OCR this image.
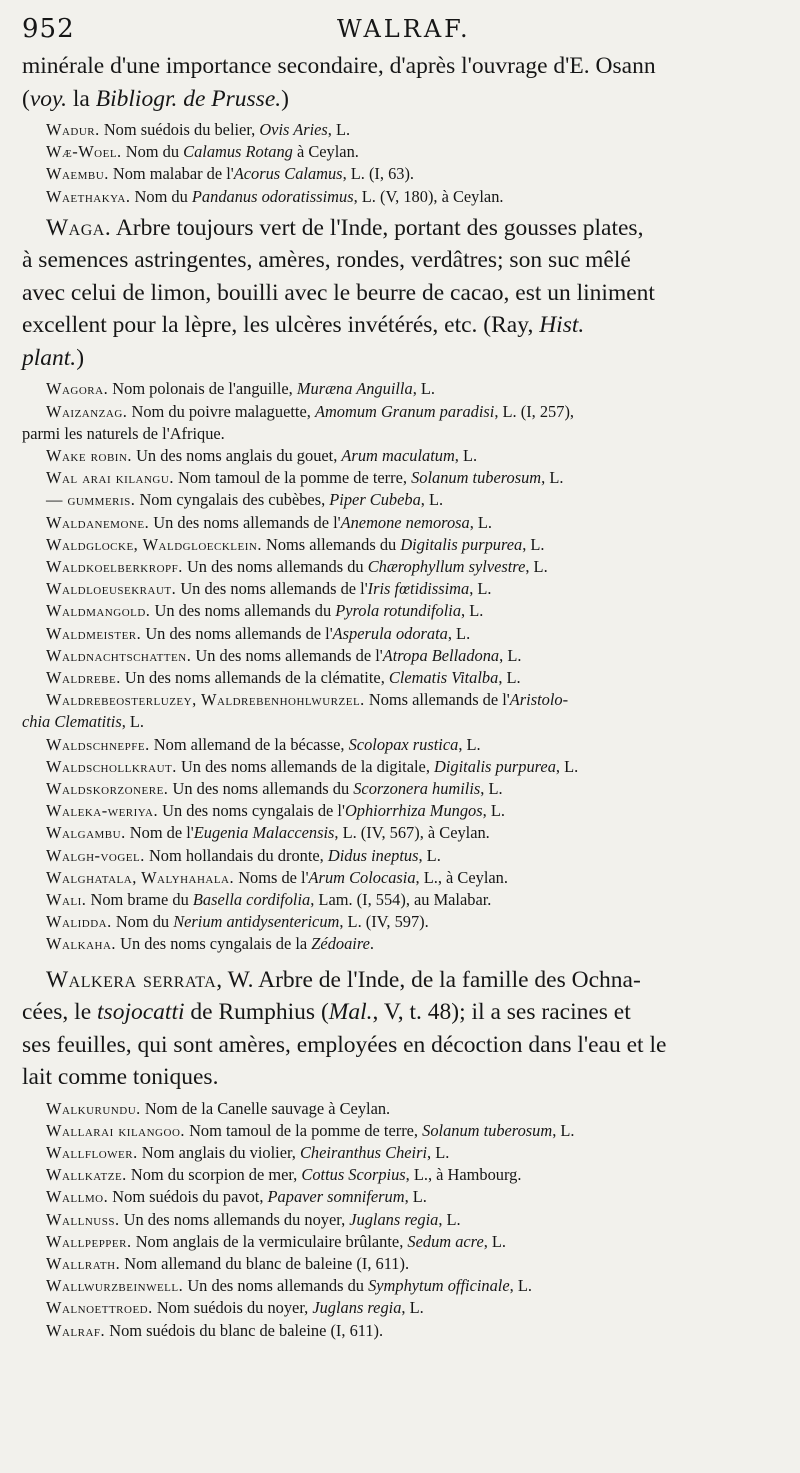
952	WALRAF.

minérale d'une importance secondaire, d'après l'ouvrage d'E. Osann

(voy. la Bibliogr. de Prusse.)

Wadur. Nom suédois du belier, Ovis Aries, L.

Wæ-Woel. Nom du Calamus Rotang à Ceylan.

Waembu. Nom malabar de l'Acorus Calamus, L. (I, 63).

Waethakya. Nom du Pandanus odoratissimus, L. (V, 180), à Ceylan.

Waga. Arbre toujours vert de l'Inde, portant des gousses plates,

à semences astringentes, amères, rondes, verdâtres; son suc mêlé

avec celui de limon, bouilli avec le beurre de cacao, est un liniment

excellent pour la lèpre, les ulcères invétérés, etc. (Ray, Hist.

plant.)

Wagora. Nom polonais de l'anguille, Muræna Anguilla, L.

Waizanzag. Nom du poivre malaguette, Amomum Granum paradisi, L. (I, 257),
parmi les naturels de l'Afrique.

Wake robin. Un des noms anglais du gouet, Arum maculatum, L.

Wal arai kilangu. Nom tamoul de la pomme de terre, Solanum tuberosum, L.

— gummeris. Nom cyngalais des cubèbes, Piper Cubeba, L.

Waldanemone. Un des noms allemands de l'Anemone nemorosa, L.

Waldglocke, Waldgloecklein. Noms allemands du Digitalis purpurea, L.

Waldkoelberkropf. Un des noms allemands du Chærophyllum sylvestre, L.

Waldloeusekraut. Un des noms allemands de l'Iris fœtidissima, L.

Waldmangold. Un des noms allemands du Pyrola rotundifolia, L.

Waldmeister. Un des noms allemands de l'Asperula odorata, L.

Waldnachtschatten. Un des noms allemands de l'Atropa Belladona, L.

Waldrebe. Un des noms allemands de la clématite, Clematis Vitalba, L.

Waldrebeosterluzey, Waldrebenhohlwurzel. Noms allemands de l'Aristolo-
chia Clematitis, L.

Waldschnepfe. Nom allemand de la bécasse, Scolopax rustica, L.

Waldschollkraut. Un des noms allemands de la digitale, Digitalis purpurea, L.

Waldskorzonere. Un des noms allemands du Scorzonera humilis, L.

Waleka-weriya. Un des noms cyngalais de l'Ophiorrhiza Mungos, L.

Walgambu. Nom de l'Eugenia Malaccensis, L. (IV, 567), à Ceylan.

Walgh-vogel. Nom hollandais du dronte, Didus ineptus, L.

Walghatala, Walyhahala. Noms de l'Arum Colocasia, L., à Ceylan.

Wali. Nom brame du Basella cordifolia, Lam. (I, 554), au Malabar.

Walidda. Nom du Nerium antidysentericum, L. (IV, 597).

Walkaha. Un des noms cyngalais de la Zédoaire.

Walkera serrata, W. Arbre de l'Inde, de la famille des Ochna-

cées, le tsojocatti de Rumphius (Mal., V, t. 48); il a ses racines et

ses feuilles, qui sont amères, employées en décoction dans l'eau et le

lait comme toniques.

Walkurundu. Nom de la Canelle sauvage à Ceylan.

Wallarai kilangoo. Nom tamoul de la pomme de terre, Solanum tuberosum, L.

Wallflower. Nom anglais du violier, Cheiranthus Cheiri, L.

Wallkatze. Nom du scorpion de mer, Cottus Scorpius, L., à Hambourg.

Wallmo. Nom suédois du pavot, Papaver somniferum, L.

Wallnuss. Un des noms allemands du noyer, Juglans regia, L.

Wallpepper. Nom anglais de la vermiculaire brûlante, Sedum acre, L.

Wallrath. Nom allemand du blanc de baleine (I, 611).

Wallwurzbeinwell. Un des noms allemands du Symphytum officinale, L.

Walnoettroed. Nom suédois du noyer, Juglans regia, L.

Walraf. Nom suédois du blanc de baleine (I, 611).
